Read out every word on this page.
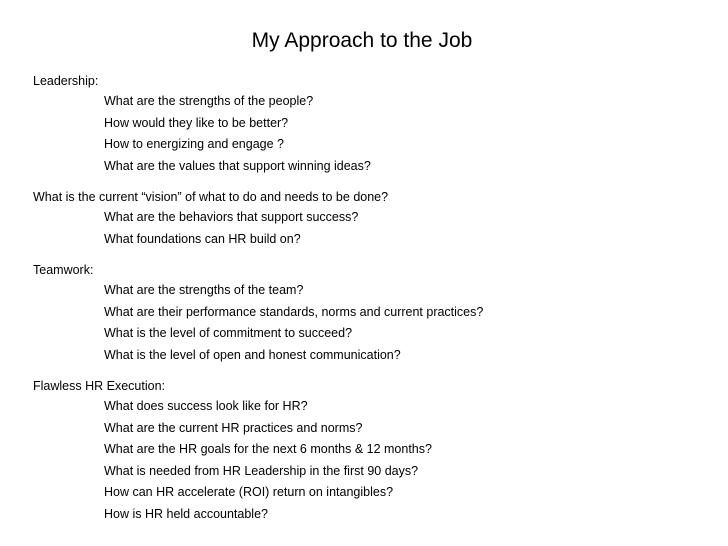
My Approach to the Job
Leadership:
What are the strengths of the people?
How would they like to be better?
How to energizing and engage ?
What are the values that support winning ideas?
What is the current “vision” of what to do and needs to be done?
What are the behaviors that support success?
What foundations can HR build on?
Teamwork:
What are the strengths of the team?
What are their performance standards, norms and current practices?
What is the level of commitment to succeed?
What is the level of open and honest communication?
Flawless HR Execution:
What does success look like for HR?
What are the current HR practices and norms?
What are the HR goals for the next 6 months & 12 months?
What is needed from HR Leadership in the first 90 days?
How can HR accelerate (ROI) return on intangibles?
How is HR held accountable?
